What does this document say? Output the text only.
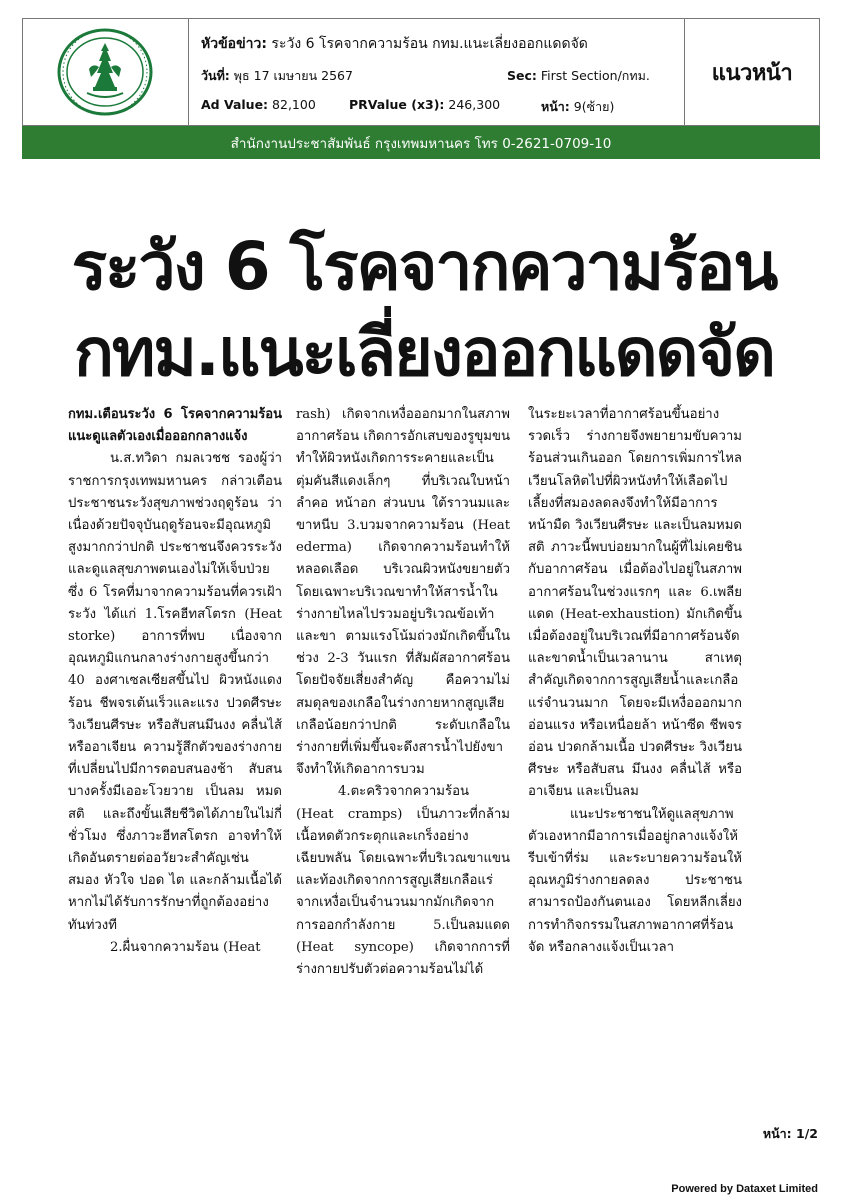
หัวข้อข่าว: ระวัง 6 โรคจากความร้อน กทม.แนะเลี่ยงออกแดดจัด
วันที่: พุธ 17 เมษายน 2567	Sec: First Section/กทม.
Ad Value: 82,100	PRValue (x3): 246,300	หน้า: 9(ซ้าย)
แนวหน้า
สำนักงานประชาสัมพันธ์ กรุงเทพมหานคร โทร 0-2621-0709-10
ระวัง 6 โรคจากความร้อน
กทม.แนะเลี่ยงออกแดดจัด

กทม.เตือนระวัง 6 โรคจากความร้อน แนะดูแลตัวเองเมื่อออกกลางแจ้ง

น.ส.ทวิดา กมลเวชช รองผู้ว่าราชการกรุงเทพมหานคร กล่าวเตือนประชาชนระวังสุขภาพช่วงฤดูร้อน ว่า เนื่องด้วยปัจจุบันฤดูร้อนจะมีอุณหภูมิสูงมากกว่าปกติ ประชาชนจึงควรระวังและดูแลสุขภาพตนเองไม่ให้เจ็บป่วย ซึ่ง 6 โรคที่มาจากความร้อนที่ควรเฝ้าระวัง ได้แก่ 1.โรคฮีทสโตรก (Heat storke) อาการที่พบ เนื่องจากอุณหภูมิแกนกลางร่างกายสูงขึ้นกว่า 40 องศาเซลเซียสขึ้นไป ผิวหนังแดงร้อน ชีพจรเต้นเร็วและแรง ปวดศีรษะ วิงเวียนศีรษะ หรือสับสนมึนงง คลื่นไส้ หรืออาเจียน ความรู้สึกตัวของร่างกายที่เปลี่ยนไปมีการตอบสนองช้า สับสนบางครั้งมีเออะโวยวาย เป็นลม หมดสติ และถึงขั้นเสียชีวิตได้ภายในไม่กี่ชั่วโมง ซึ่งภาวะฮีทสโตรก อาจทำให้เกิดอันตรายต่ออวัยวะสำคัญเช่น สมอง หัวใจ ปอด ไต และกล้ามเนื้อได้ หากไม่ได้รับการรักษาที่ถูกต้องอย่างทันท่วงที

2.ผื่นจากความร้อน (Heat

rash) เกิดจากเหงื่อออกมากในสภาพอากาศร้อน เกิดการอักเสบของรูขุมขนทำให้ผิวหนังเกิดการระคายและเป็นตุ่มคันสีแดงเล็กๆ ที่บริเวณใบหน้า ลำคอ หน้าอก ส่วนบน ใต้ราวนมและขาหนีบ 3.บวมจากความร้อน (Heat ederma) เกิดจากความร้อนทำให้หลอดเลือด บริเวณผิวหนังขยายตัว โดยเฉพาะบริเวณขาทำให้สารน้ำในร่างกายไหลไปรวมอยู่บริเวณข้อเท้าและขา ตามแรงโน้มถ่วงมักเกิดขึ้นในช่วง 2-3 วันแรก ที่สัมผัสอากาศร้อน โดยปัจจัยเสี่ยงสำคัญ คือความไม่สมดุลของเกลือในร่างกายหากสูญเสียเกลือน้อยกว่าปกติ ระดับเกลือในร่างกายที่เพิ่มขึ้นจะดึงสารน้ำไปยังขาจึงทำให้เกิดอาการบวม

4.ตะคริวจากความร้อน (Heat cramps) เป็นภาวะที่กล้ามเนื้อหดตัวกระตุกและเกร็งอย่างเฉียบพลัน โดยเฉพาะที่บริเวณขาแขนและท้องเกิดจากการสูญเสียเกลือแร่จากเหงื่อเป็นจำนวนมากมักเกิดจากการออกกำลังกาย 5.เป็นลมแดด (Heat syncope) เกิดจากการที่ร่างกายปรับตัวต่อความร้อนไม่ได้

ในระยะเวลาที่อากาศร้อนขึ้นอย่างรวดเร็ว ร่างกายจึงพยายามขับความร้อนส่วนเกินออก โดยการเพิ่มการไหลเวียนโลหิตไปที่ผิวหนังทำให้เลือดไปเลี้ยงที่สมองลดลงจึงทำให้มีอาการหน้ามืด วิงเวียนศีรษะ และเป็นลมหมดสติ ภาวะนี้พบบ่อยมากในผู้ที่ไม่เคยชินกับอากาศร้อน เมื่อต้องไปอยู่ในสภาพอากาศร้อนในช่วงแรกๆ และ 6.เพลียแดด (Heat-exhaustion) มักเกิดขึ้นเมื่อต้องอยู่ในบริเวณที่มีอากาศร้อนจัดและขาดน้ำเป็นเวลานาน สาเหตุสำคัญเกิดจากการสูญเสียน้ำและเกลือแร่จำนวนมาก โดยจะมีเหงื่อออกมาก อ่อนแรง หรือเหนื่อยล้า หน้าซีด ชีพจรอ่อน ปวดกล้ามเนื้อ ปวดศีรษะ วิงเวียนศีรษะ หรือสับสน มึนงง คลื่นไส้ หรืออาเจียน และเป็นลม

แนะประชาชนให้ดูแลสุขภาพตัวเองหากมีอาการเมื่ออยู่กลางแจ้งให้รีบเข้าที่ร่ม และระบายความร้อนให้อุณหภูมิร่างกายลดลง ประชาชนสามารถป้องกันตนเอง โดยหลีกเลี่ยงการทำกิจกรรมในสภาพอากาศที่ร้อนจัด หรือกลางแจ้งเป็นเวลา

หน้า: 1/2
Powered by Dataxet Limited
